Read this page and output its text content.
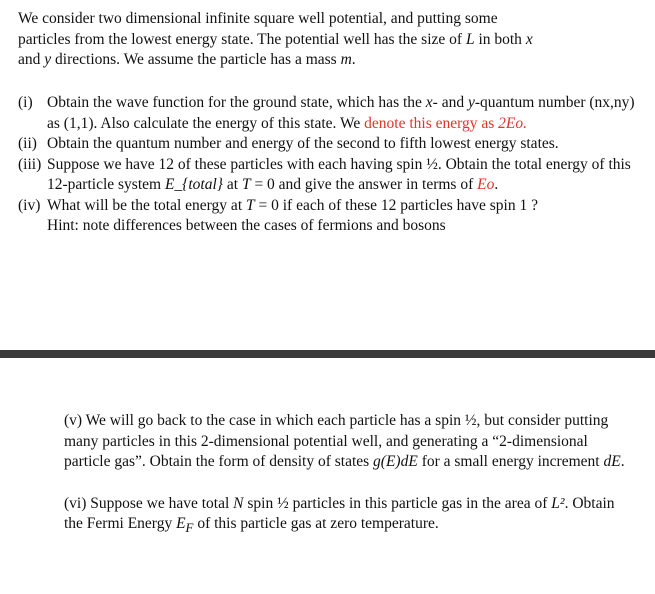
We consider two dimensional infinite square well potential, and putting some
particles from the lowest energy state. The potential well has the size of L in both x
and y directions. We assume the particle has a mass m.
(i) Obtain the wave function for the ground state, which has the x- and y-quantum number (nx,ny) as (1,1). Also calculate the energy of this state. We denote this energy as 2Eo.
(ii) Obtain the quantum number and energy of the second to fifth lowest energy states.
(iii) Suppose we have 12 of these particles with each having spin ½. Obtain the total energy of this 12-particle system E_{total} at T = 0 and give the answer in terms of Eo.
(iv) What will be the total energy at T = 0 if each of these 12 particles have spin 1 ?
Hint: note differences between the cases of fermions and bosons

(v) We will go back to the case in which each particle has a spin ½, but consider putting many particles in this 2-dimensional potential well, and generating a “2-dimensional particle gas”. Obtain the form of density of states g(E)dE for a small energy increment dE.

(vi) Suppose we have total N spin ½ particles in this particle gas in the area of L². Obtain the Fermi Energy $E_F$ of this particle gas at zero temperature.
